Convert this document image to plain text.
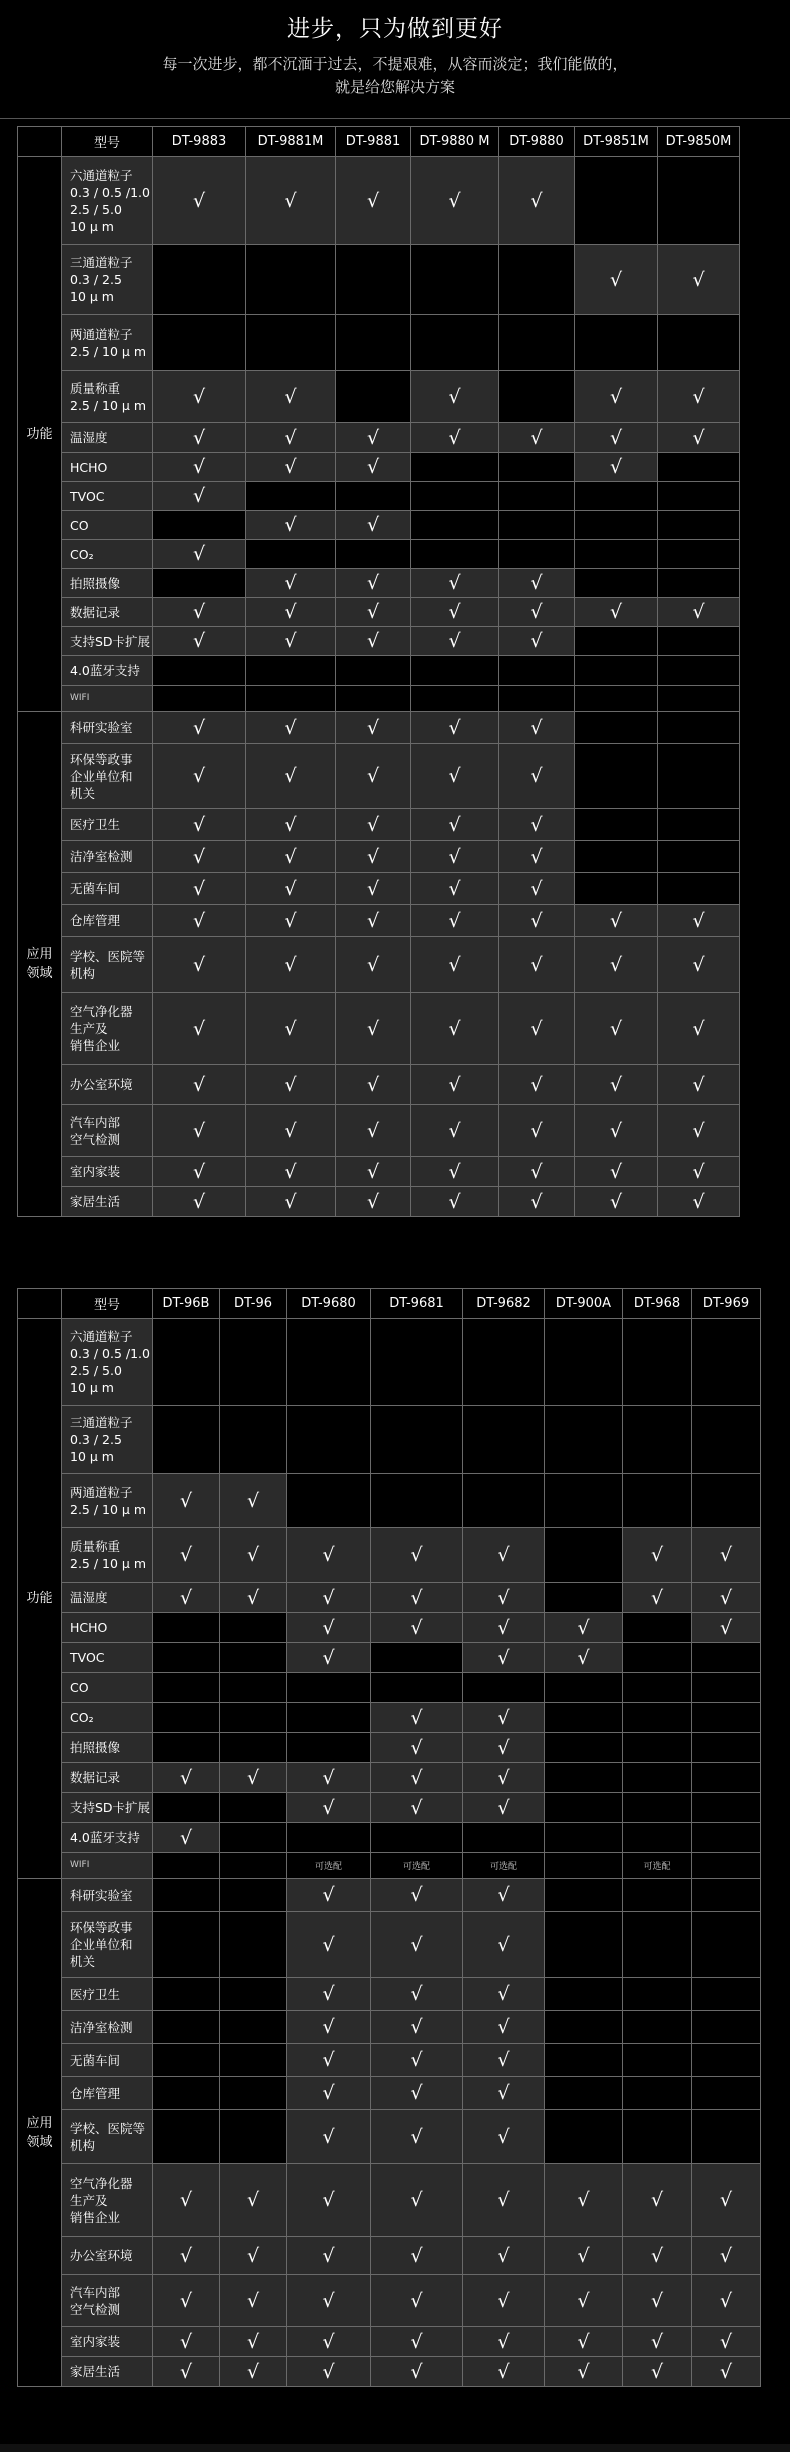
进步，只为做到更好
每一次进步，都不沉湎于过去，不提艰难，从容而淡定；我们能做的，
就是给您解决方案
	型号	DT-9883	DT-9881M	DT-9881	DT-9880 M	DT-9880	DT-9851M	DT-9850M

功能	六通道粒子
0.3 / 0.5 /1.0
2.5 / 5.0
10 μ m	√	√	√	√	√		

	三通道粒子
0.3 / 2.5
10 μ m						√	√

	两通道粒子
2.5 / 10 μ m							

	质量称重
2.5 / 10 μ m	√	√		√		√	√

	温湿度	√	√	√	√	√	√	√

	HCHO	√	√	√			√	

	TVOC	√						

	CO		√	√				

	CO₂	√						

	拍照摄像		√	√	√	√		

	数据记录	√	√	√	√	√	√	√

	支持SD卡扩展	√	√	√	√	√		

	4.0蓝牙支持							

	WIFI							

应用
领域	科研实验室	√	√	√	√	√		

	环保等政事
企业单位和
机关	√	√	√	√	√		

	医疗卫生	√	√	√	√	√		

	洁净室检测	√	√	√	√	√		

	无菌车间	√	√	√	√	√		

	仓库管理	√	√	√	√	√	√	√

	学校、医院等
机构	√	√	√	√	√	√	√

	空气净化器
生产及
销售企业	√	√	√	√	√	√	√

	办公室环境	√	√	√	√	√	√	√

	汽车内部
空气检测	√	√	√	√	√	√	√

	室内家装	√	√	√	√	√	√	√

	家居生活	√	√	√	√	√	√	√
	型号	DT-96B	DT-96	DT-9680	DT-9681	DT-9682	DT-900A	DT-968	DT-969

功能	六通道粒子
0.3 / 0.5 /1.0
2.5 / 5.0
10 μ m								

	三通道粒子
0.3 / 2.5
10 μ m								

	两通道粒子
2.5 / 10 μ m	√	√						

	质量称重
2.5 / 10 μ m	√	√	√	√	√		√	√

	温湿度	√	√	√	√	√		√	√

	HCHO			√	√	√	√		√

	TVOC			√		√	√		

	CO								

	CO₂				√	√			

	拍照摄像				√	√			

	数据记录	√	√	√	√	√			

	支持SD卡扩展			√	√	√			

	4.0蓝牙支持	√							

	WIFI			可选配	可选配	可选配		可选配	

应用
领域	科研实验室			√	√	√			

	环保等政事
企业单位和
机关			√	√	√			

	医疗卫生			√	√	√			

	洁净室检测			√	√	√			

	无菌车间			√	√	√			

	仓库管理			√	√	√			

	学校、医院等
机构			√	√	√			

	空气净化器
生产及
销售企业	√	√	√	√	√	√	√	√

	办公室环境	√	√	√	√	√	√	√	√

	汽车内部
空气检测	√	√	√	√	√	√	√	√

	室内家装	√	√	√	√	√	√	√	√

	家居生活	√	√	√	√	√	√	√	√
